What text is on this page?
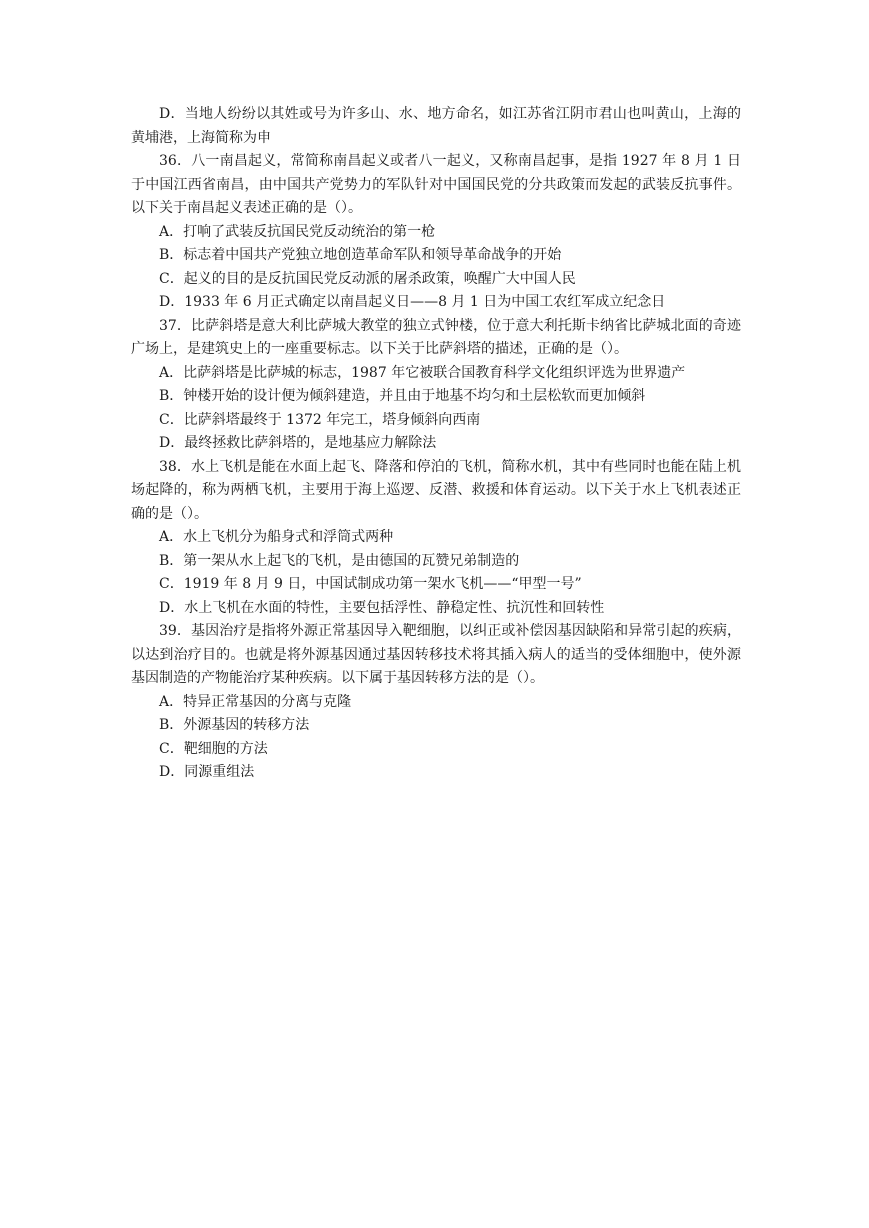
D．当地人纷纷以其姓或号为许多山、水、地方命名，如江苏省江阴市君山也叫黄山，上海的黄埔港，上海简称为申

36．八一南昌起义，常简称南昌起义或者八一起义，又称南昌起事，是指 1927 年 8 月 1 日于中国江西省南昌，由中国共产党势力的军队针对中国国民党的分共政策而发起的武装反抗事件。以下关于南昌起义表述正确的是（）。

A．打响了武装反抗国民党反动统治的第一枪

B．标志着中国共产党独立地创造革命军队和领导革命战争的开始

C．起义的目的是反抗国民党反动派的屠杀政策，唤醒广大中国人民

D．1933 年 6 月正式确定以南昌起义日——8 月 1 日为中国工农红军成立纪念日

37．比萨斜塔是意大利比萨城大教堂的独立式钟楼，位于意大利托斯卡纳省比萨城北面的奇迹广场上，是建筑史上的一座重要标志。以下关于比萨斜塔的描述，正确的是（）。

A．比萨斜塔是比萨城的标志，1987 年它被联合国教育科学文化组织评选为世界遗产

B．钟楼开始的设计便为倾斜建造，并且由于地基不均匀和土层松软而更加倾斜

C．比萨斜塔最终于 1372 年完工，塔身倾斜向西南

D．最终拯救比萨斜塔的，是地基应力解除法

38．水上飞机是能在水面上起飞、降落和停泊的飞机，简称水机，其中有些同时也能在陆上机场起降的，称为两栖飞机，主要用于海上巡逻、反潜、救援和体育运动。以下关于水上飞机表述正确的是（）。

A．水上飞机分为船身式和浮筒式两种

B．第一架从水上起飞的飞机，是由德国的瓦赞兄弟制造的

C．1919 年 8 月 9 日，中国试制成功第一架水飞机——“甲型一号”

D．水上飞机在水面的特性，主要包括浮性、静稳定性、抗沉性和回转性

39．基因治疗是指将外源正常基因导入靶细胞，以纠正或补偿因基因缺陷和异常引起的疾病，以达到治疗目的。也就是将外源基因通过基因转移技术将其插入病人的适当的受体细胞中，使外源基因制造的产物能治疗某种疾病。以下属于基因转移方法的是（）。

A．特异正常基因的分离与克隆

B．外源基因的转移方法

C．靶细胞的方法

D．同源重组法
